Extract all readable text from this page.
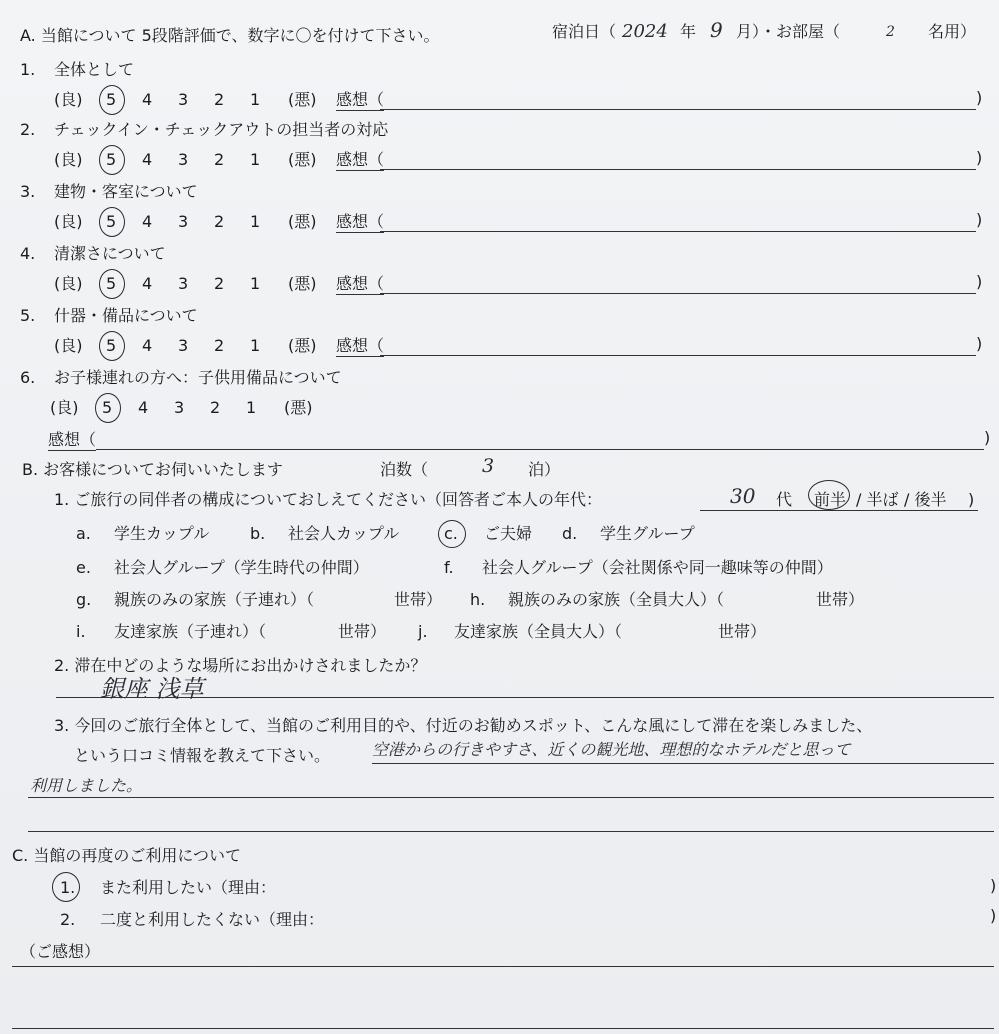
A. 当館について 5段階評価で、数字に〇を付けて下さい。	宿泊日（ 2024 年 9 月）・お部屋（	2 名用）
1. 全体として
(良) 5 4 3 2 1 (悪) 感想（	)
2. チェックイン・チェックアウトの担当者の対応
(良) 5 4 3 2 1 (悪) 感想（	)
3. 建物・客室について
(良) 5 4 3 2 1 (悪) 感想（	)
4. 清潔さについて
(良) 5 4 3 2 1 (悪) 感想（	)
5. 什器・備品について
(良) 5 4 3 2 1 (悪) 感想（	)
6. お子様連れの方へ：子供用備品について
(良) 5 4 3 2 1 (悪)
感想（	)
B. お客様についてお伺いいたします	泊数（	3 泊）
1. ご旅行の同伴者の構成についておしえてください（回答者ご本人の年代：	30 代 前半 / 半ば / 後半 )
a. 学生カップル	b. 社会人カップル	c. ご夫婦 d. 学生グループ
e. 社会人グループ（学生時代の仲間）	f. 社会人グループ（会社関係や同一趣味等の仲間）
g. 親族のみの家族（子連れ）（	世帯） h. 親族のみの家族（全員大人）（	世帯）
i. 友達家族（子連れ）（	世帯） j. 友達家族（全員大人）（	世帯）
2. 滞在中どのような場所にお出かけされましたか？
銀座 浅草
3. 今回のご旅行全体として、当館のご利用目的や、付近のお勧めスポット、こんな風にして滞在を楽しみました、
という口コミ情報を教えて下さい。	空港からの行きやすさ、近くの観光地、理想的なホテルだと思って
利用しました。
C. 当館の再度のご利用について
1. また利用したい（理由：	)
2. 二度と利用したくない（理由：	)
（ご感想）
